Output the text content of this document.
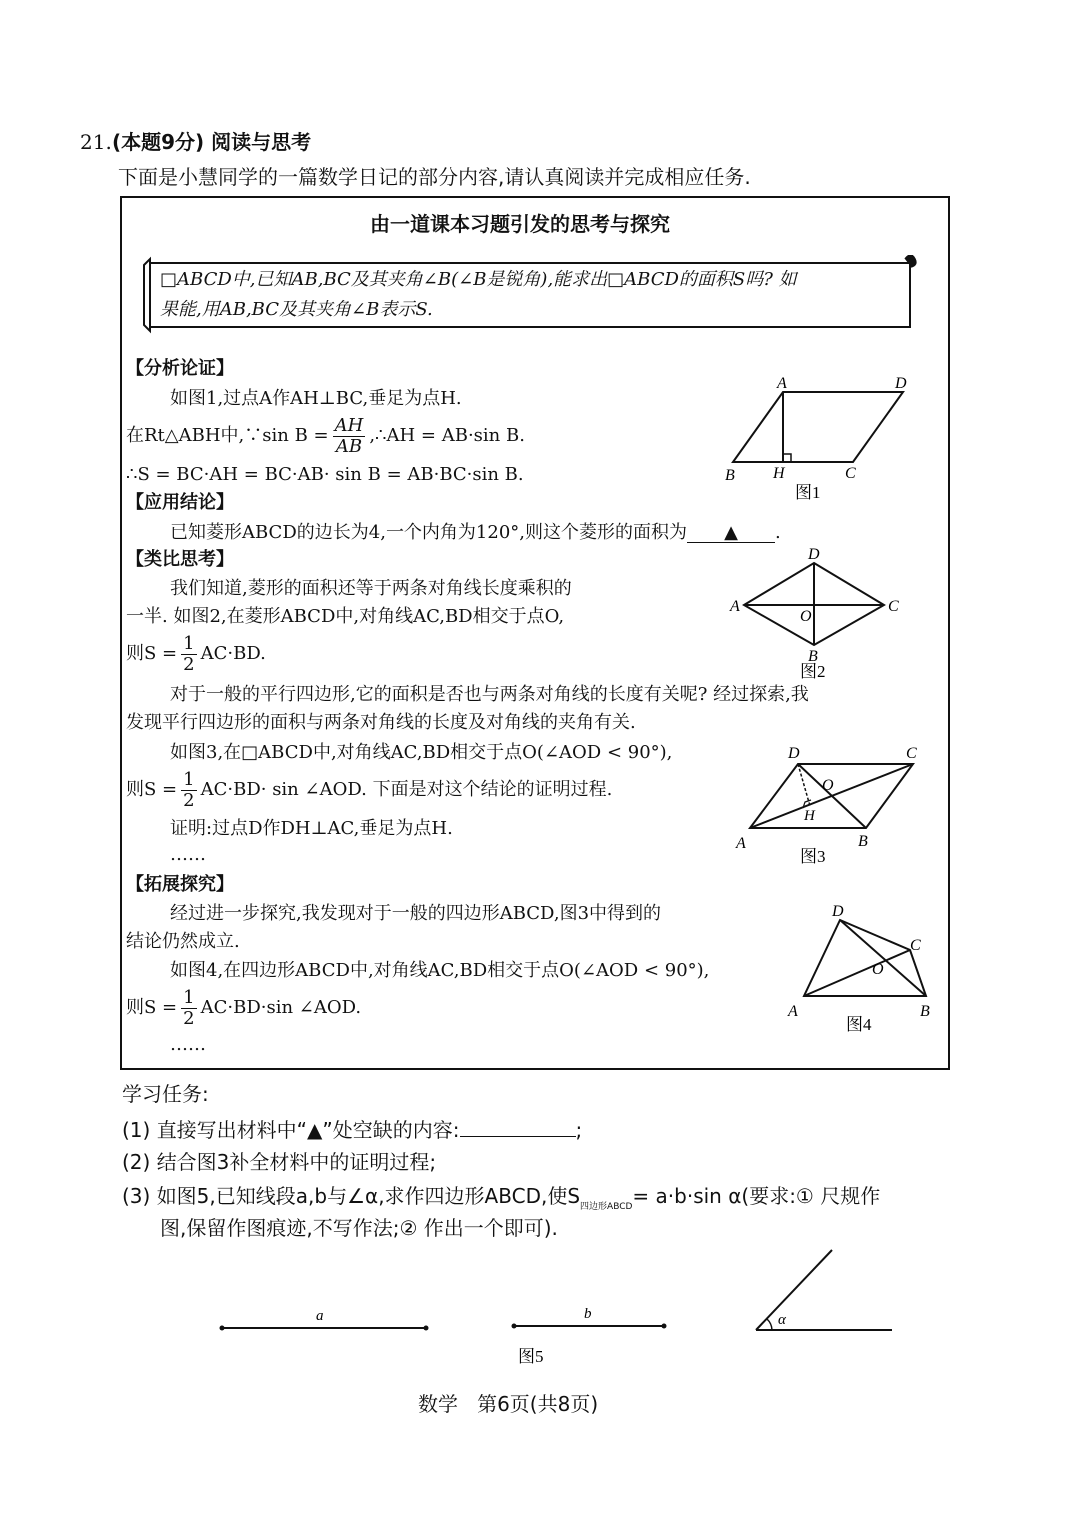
21. (本题9分) 阅读与思考
下面是小慧同学的一篇数学日记的部分内容,请认真阅读并完成相应任务.
由一道课本习题引发的思考与探究
□ABCD中,已知AB,BC及其夹角∠B(∠B是锐角),能求出□ABCD的面积S吗? 如
果能,用AB,BC及其夹角∠B表示S.
【分析论证】
如图1,过点A作AH⊥BC,垂足为点H.
在Rt△ABH中,∵sin $B = \frac{AH}{AB}$ ,∴AH = AB·sin B.
∴S = BC·AH = BC·AB· sin B = AB·BC·sin B.
A	D
B H	C
图1
【应用结论】
已知菱形ABCD的边长为4,一个内角为120°,则这个菱形的面积为 ▲ .
【类比思考】
我们知道,菱形的面积还等于两条对角线长度乘积的
一半. 如图2,在菱形ABCD中,对角线AC,BD相交于点O,
则$S = \frac{1}{2} AC\cdot BD$.
D
A	C
O
B
图2
对于一般的平行四边形,它的面积是否也与两条对角线的长度有关呢? 经过探索,我
发现平行四边形的面积与两条对角线的长度及对角线的夹角有关.
如图3,在□ABCD中,对角线AC,BD相交于点O(∠AOD < 90°),
则$S = \frac{1}{2} AC\cdot BD\cdot \sin$ ∠AOD. 下面是对这个结论的证明过程.
证明:过点D作DH⊥AC,垂足为点H.
……
D	C
O
H
A	B
图3
【拓展探究】
经过进一步探究,我发现对于一般的四边形ABCD,图3中得到的
结论仍然成立.
如图4,在四边形ABCD中,对角线AC,BD相交于点O(∠AOD < 90°),
则$S = \frac{1}{2} AC\cdot BD\cdot\sin$ ∠AOD.
……
D
C
O
A	B
图4
学习任务:
(1) 直接写出材料中“▲”处空缺的内容:	;
(2) 结合图3补全材料中的证明过程;
(3) 如图5,已知线段a,b与∠α,求作四边形ABCD,使$S_{四边形ABCD}= a\cdot b\cdot\sin$ α(要求:① 尺规作
图,保留作图痕迹,不写作法;② 作出一个即可).
a	b	α
图5
数学   第6页(共8页)
